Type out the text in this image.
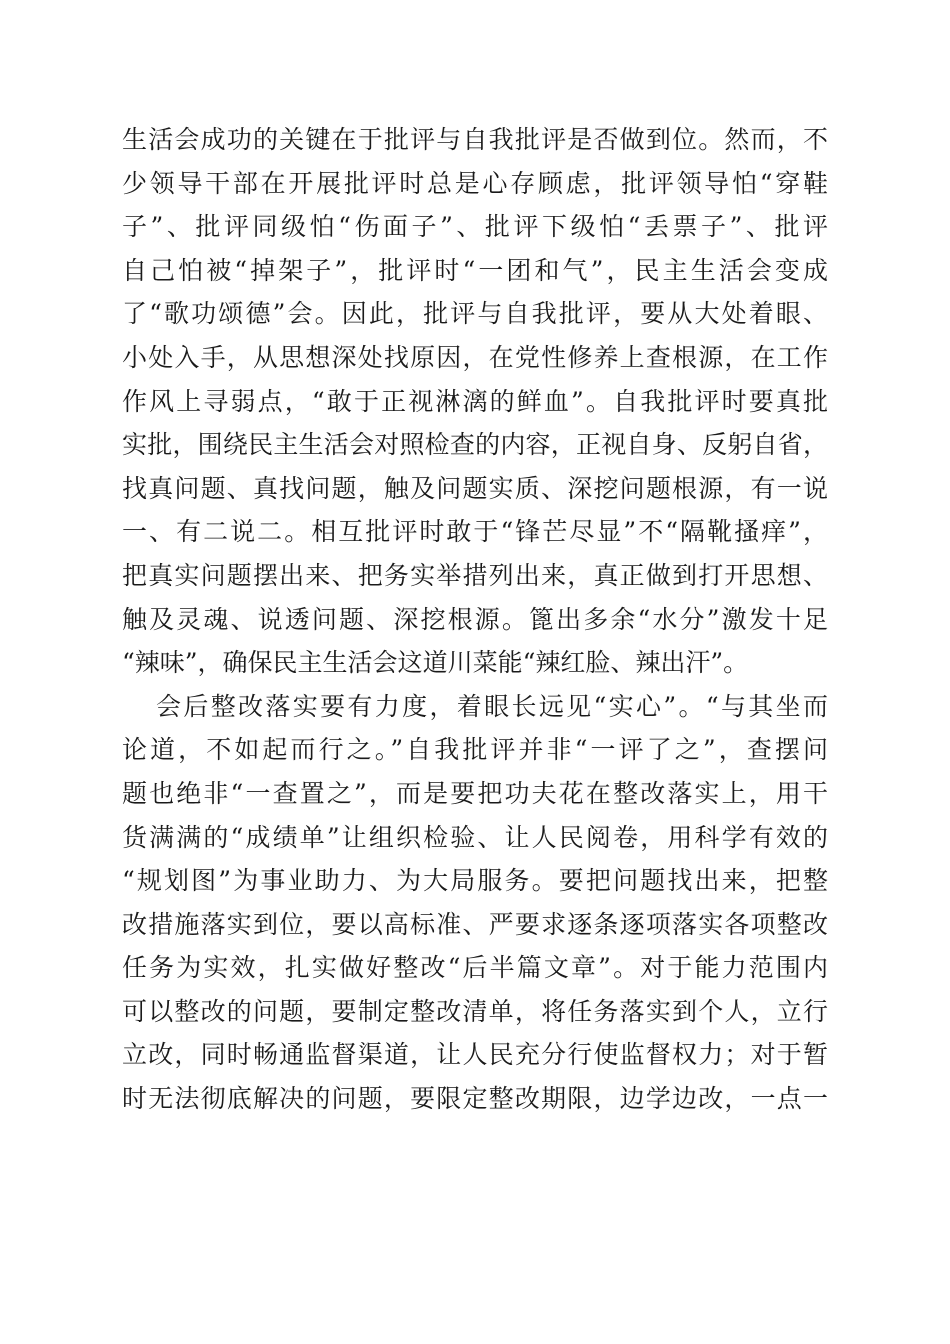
生活会成功的关键在于批评与自我批评是否做到位。然而，不
少领导干部在开展批评时总是心存顾虑，批评领导怕“穿鞋
子”、批评同级怕“伤面子”、批评下级怕“丢票子”、批评
自己怕被“掉架子”，批评时“一团和气”，民主生活会变成
了“歌功颂德”会。因此，批评与自我批评，要从大处着眼、
小处入手，从思想深处找原因，在党性修养上查根源，在工作
作风上寻弱点，“敢于正视淋漓的鲜血”。自我批评时要真批
实批，围绕民主生活会对照检查的内容，正视自身、反躬自省，
找真问题、真找问题，触及问题实质、深挖问题根源，有一说
一、有二说二。相互批评时敢于“锋芒尽显”不“隔靴搔痒”，
把真实问题摆出来、把务实举措列出来，真正做到打开思想、
触及灵魂、说透问题、深挖根源。篦出多余“水分”激发十足
“辣味”，确保民主生活会这道川菜能“辣红脸、辣出汗”。
会后整改落实要有力度，着眼长远见“实心”。“与其坐而
论道，不如起而行之。”自我批评并非“一评了之”，查摆问
题也绝非“一查置之”，而是要把功夫花在整改落实上，用干
货满满的“成绩单”让组织检验、让人民阅卷，用科学有效的
“规划图”为事业助力、为大局服务。要把问题找出来，把整
改措施落实到位，要以高标准、严要求逐条逐项落实各项整改
任务为实效，扎实做好整改“后半篇文章”。对于能力范围内
可以整改的问题，要制定整改清单，将任务落实到个人，立行
立改，同时畅通监督渠道，让人民充分行使监督权力；对于暂
时无法彻底解决的问题，要限定整改期限，边学边改，一点一
